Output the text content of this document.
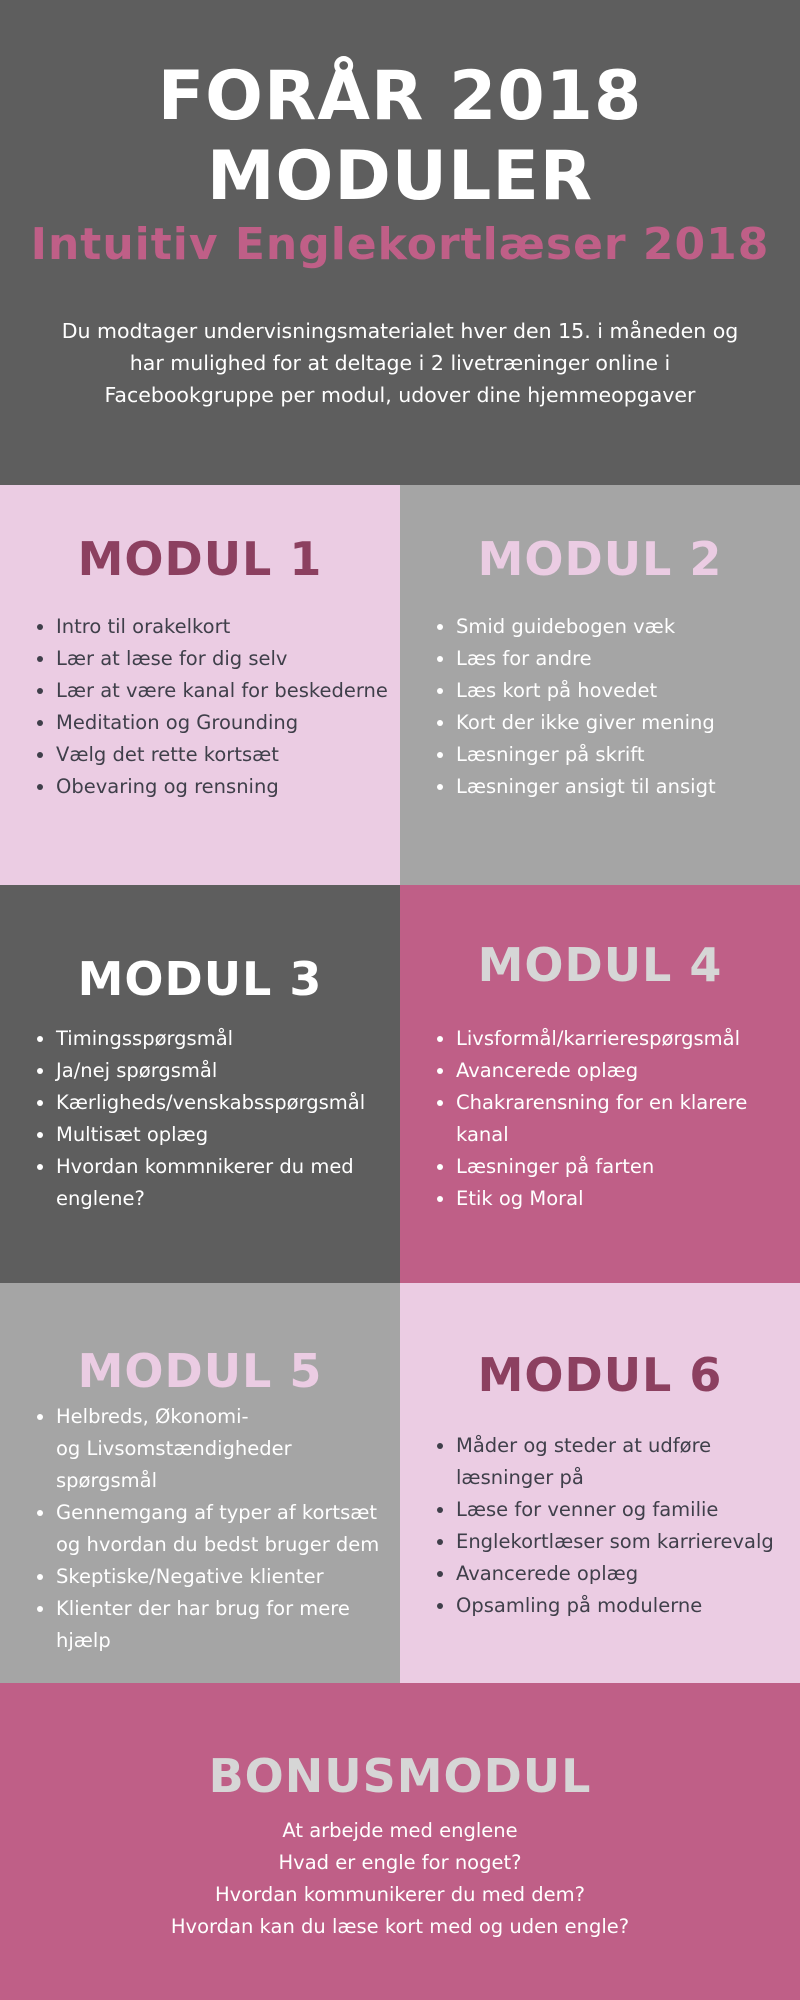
FORÅR 2018
MODULER
Intuitiv Englekortlæser 2018
Du modtager undervisningsmaterialet hver den 15. i måneden og
har mulighed for at deltage i 2 livetræninger online i
Facebookgruppe per modul, udover dine hjemmeopgaver
MODUL 1
Intro til orakelkort
Lær at læse for dig selv
Lær at være kanal for beskederne
Meditation og Grounding
Vælg det rette kortsæt
Obevaring og rensning
MODUL 2
Smid guidebogen væk
Læs for andre
Læs kort på hovedet
Kort der ikke giver mening
Læsninger på skrift
Læsninger ansigt til ansigt
MODUL 3
Timingsspørgsmål
Ja/nej spørgsmål
Kærligheds/venskabsspørgsmål
Multisæt oplæg
Hvordan kommnikerer du med
englene?
MODUL 4
Livsformål/karrierespørgsmål
Avancerede oplæg
Chakrarensning for en klarere
kanal
Læsninger på farten
Etik og Moral
MODUL 5
Helbreds, Økonomi-
og Livsomstændigheder
spørgsmål
Gennemgang af typer af kortsæt
og hvordan du bedst bruger dem
Skeptiske/Negative klienter
Klienter der har brug for mere
hjælp
MODUL 6
Måder og steder at udføre
læsninger på
Læse for venner og familie
Englekortlæser som karrierevalg
Avancerede oplæg
Opsamling på modulerne
BONUSMODUL
At arbejde med englene
Hvad er engle for noget?
Hvordan kommunikerer du med dem?
Hvordan kan du læse kort med og uden engle?
